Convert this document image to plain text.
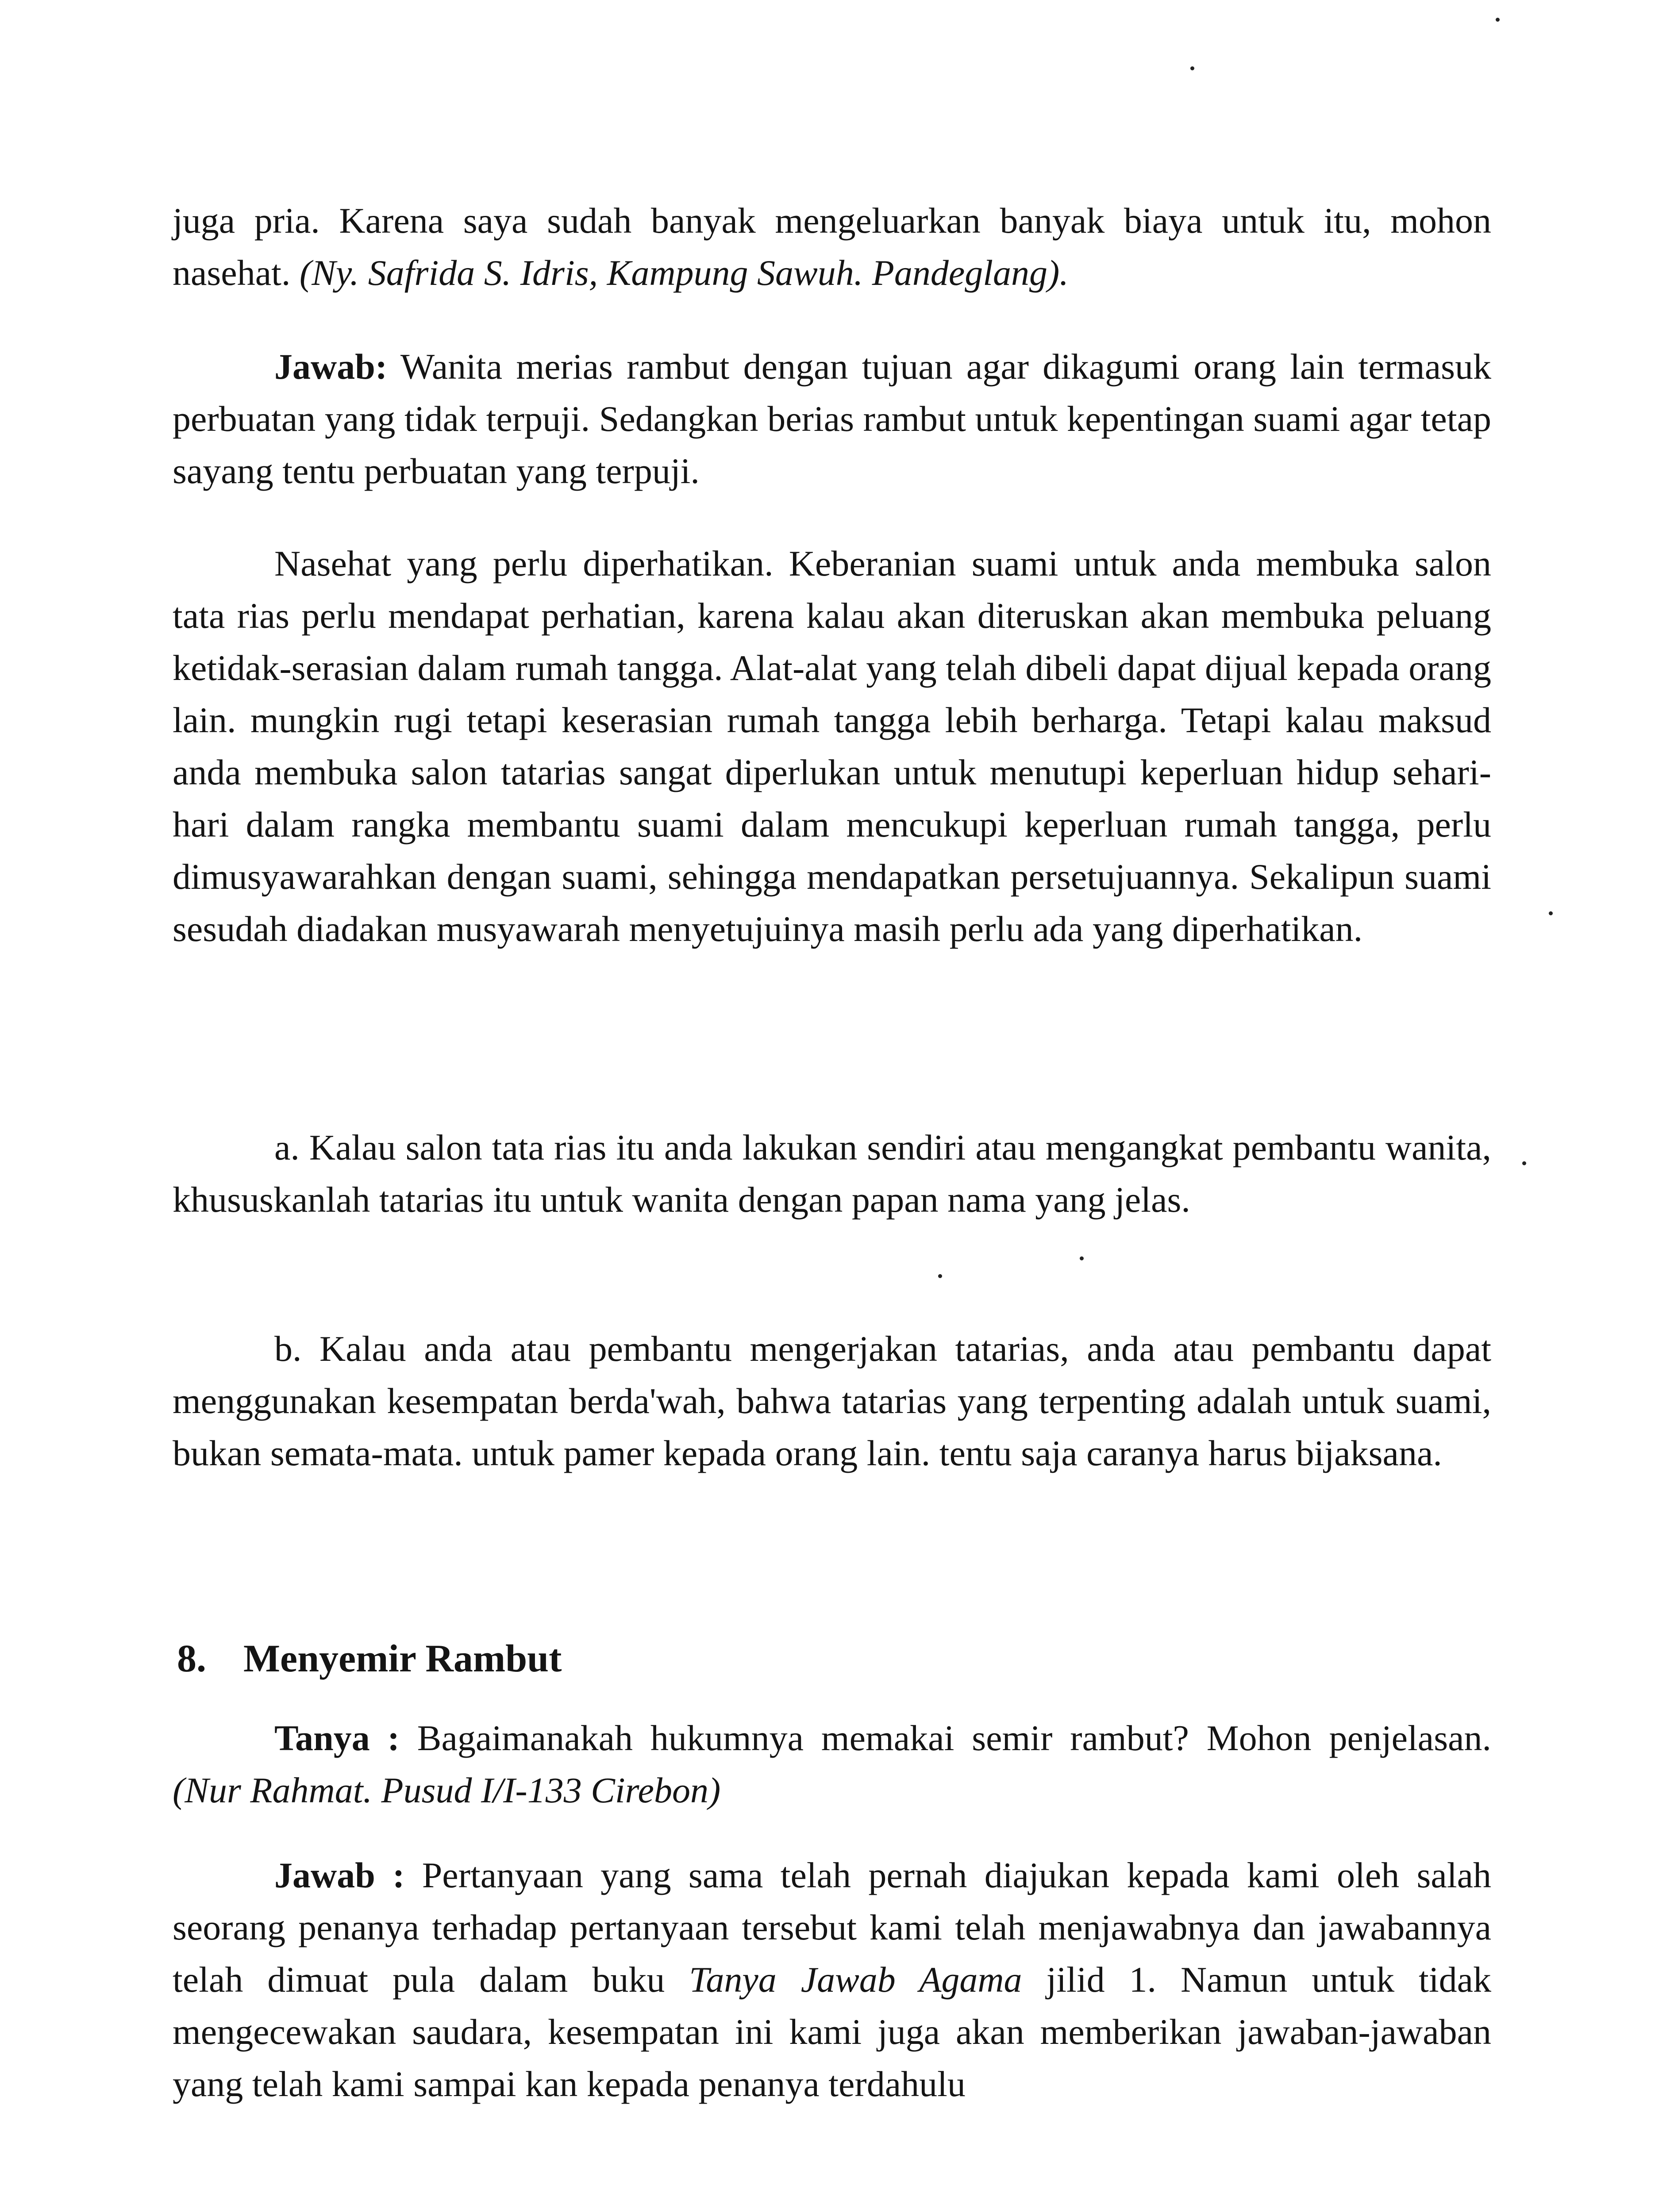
juga pria. Karena saya sudah banyak mengeluarkan banyak biaya untuk itu, mohon nasehat. (Ny. Safrida S. Idris, Kampung Sawuh. Pandeglang).

Jawab: Wanita merias rambut dengan tujuan agar dikagumi orang lain termasuk perbuatan yang tidak terpuji. Sedangkan berias rambut untuk kepentingan suami agar tetap sayang tentu perbuatan yang terpuji.

Nasehat yang perlu diperhatikan. Keberanian suami untuk anda membuka salon tata rias perlu mendapat perhatian, karena kalau akan diteruskan akan membuka peluang ketidak-serasian dalam rumah tangga. Alat-alat yang telah dibeli dapat dijual kepada orang lain. mungkin rugi tetapi keserasian rumah tangga lebih berharga. Tetapi kalau maksud anda membuka salon tatarias sangat diperlukan untuk menutupi keperluan hidup sehari-hari dalam rangka membantu suami dalam mencukupi keperluan rumah tangga, perlu dimusyawarahkan dengan suami, sehingga mendapatkan persetujuannya. Sekalipun suami sesudah diadakan musyawarah menyetujuinya masih perlu ada yang diperhatikan.

a. Kalau salon tata rias itu anda lakukan sendiri atau mengangkat pembantu wanita, khususkanlah tatarias itu untuk wanita dengan papan nama yang jelas.

b. Kalau anda atau pembantu mengerjakan tatarias, anda atau pembantu dapat menggunakan kesempatan berda'wah, bahwa tatarias yang terpenting adalah untuk suami, bukan semata-mata. untuk pamer kepada orang lain. tentu saja caranya harus bijaksana.

8. Menyemir Rambut

Tanya : Bagaimanakah hukumnya memakai semir rambut? Mohon penjelasan. (Nur Rahmat. Pusud I/I-133 Cirebon)

Jawab : Pertanyaan yang sama telah pernah diajukan kepada kami oleh salah seorang penanya terhadap pertanyaan tersebut kami telah menjawabnya dan jawabannya telah dimuat pula dalam buku Tanya Jawab Agama jilid 1. Namun untuk tidak mengecewakan saudara, kesempatan ini kami juga akan memberikan jawaban-jawaban yang telah kami sampai kan kepada penanya terdahulu
